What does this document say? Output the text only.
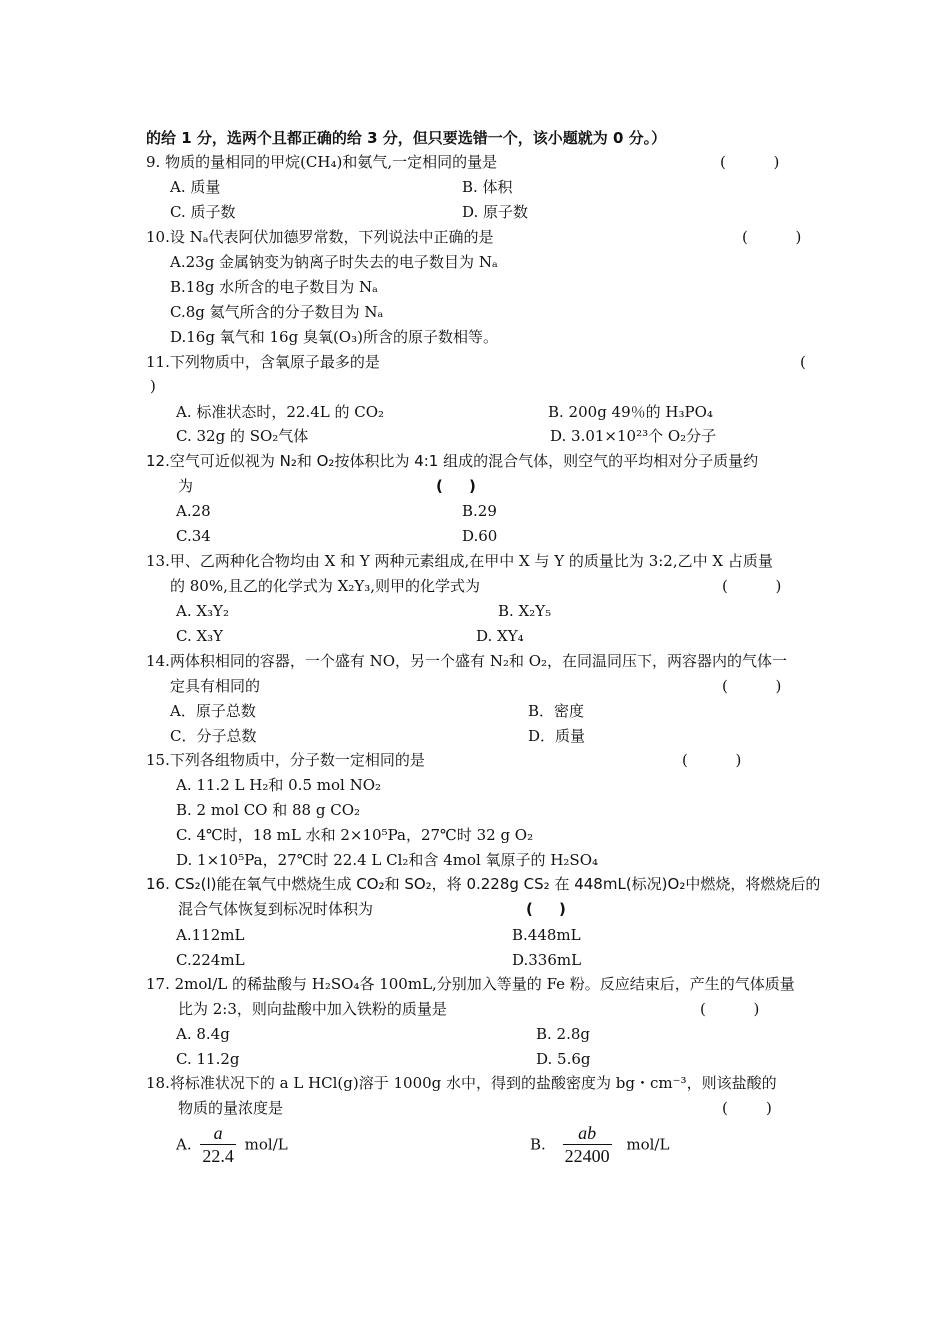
的给 1 分，选两个且都正确的给 3 分，但只要选错一个，该小题就为 0 分。）
9. 物质的量相同的甲烷(CH₄)和氨气,一定相同的量是	(          )
A. 质量	B. 体积
C. 质子数	D. 原子数
10.设 Nₐ代表阿伏加德罗常数，下列说法中正确的是	(          )
A.23g 金属钠变为钠离子时失去的电子数目为 Nₐ
B.18g 水所含的电子数目为 Nₐ
C.8g 氦气所含的分子数目为 Nₐ
D.16g 氧气和 16g 臭氧(O₃)所含的原子数相等。
11.下列物质中，含氧原子最多的是	(
)
A. 标准状态时，22.4L 的 CO₂	B. 200g 49％的 H₃PO₄
C. 32g 的 SO₂气体	D. 3.01×10²³个 O₂分子
12.空气可近似视为 N₂和 O₂按体积比为 4:1 组成的混合气体，则空气的平均相对分子质量约
为	(     )
A.28	B.29
C.34	D.60
13.甲、乙两种化合物均由 X 和 Y 两种元素组成,在甲中 X 与 Y 的质量比为 3:2,乙中 X 占质量
的 80%,且乙的化学式为 X₂Y₃,则甲的化学式为	(          )
A. X₃Y₂	B. X₂Y₅
C. X₃Y	D. XY₄
14.两体积相同的容器，一个盛有 NO，另一个盛有 N₂和 O₂，在同温同压下，两容器内的气体一
定具有相同的	(          )
A．原子总数	B．密度
C．分子总数	D．质量
15.下列各组物质中，分子数一定相同的是	(          )
A. 11.2 L H₂和 0.5 mol NO₂
B. 2 mol CO 和 88 g CO₂
C. 4℃时，18 mL 水和 2×10⁵Pa，27℃时 32 g O₂
D. 1×10⁵Pa，27℃时 22.4 L Cl₂和含 4mol 氧原子的 H₂SO₄
16. CS₂(l)能在氧气中燃烧生成 CO₂和 SO₂，将 0.228g CS₂ 在 448mL(标况)O₂中燃烧，将燃烧后的
混合气体恢复到标况时体积为	(     )
A.112mL	B.448mL
C.224mL	D.336mL
17. 2mol/L 的稀盐酸与 H₂SO₄各 100mL,分别加入等量的 Fe 粉。反应结束后，产生的气体质量
比为 2:3，则向盐酸中加入铁粉的质量是	(          )
A. 8.4g	B. 2.8g
C. 11.2g	D. 5.6g
18.将标准状况下的 a L HCl(g)溶于 1000g 水中，得到的盐酸密度为 bg・cm⁻³，则该盐酸的
物质的量浓度是	(        )
A. $\frac{a}{22.4} mol/L$	B. $\frac{ab}{22400} mol/L$
